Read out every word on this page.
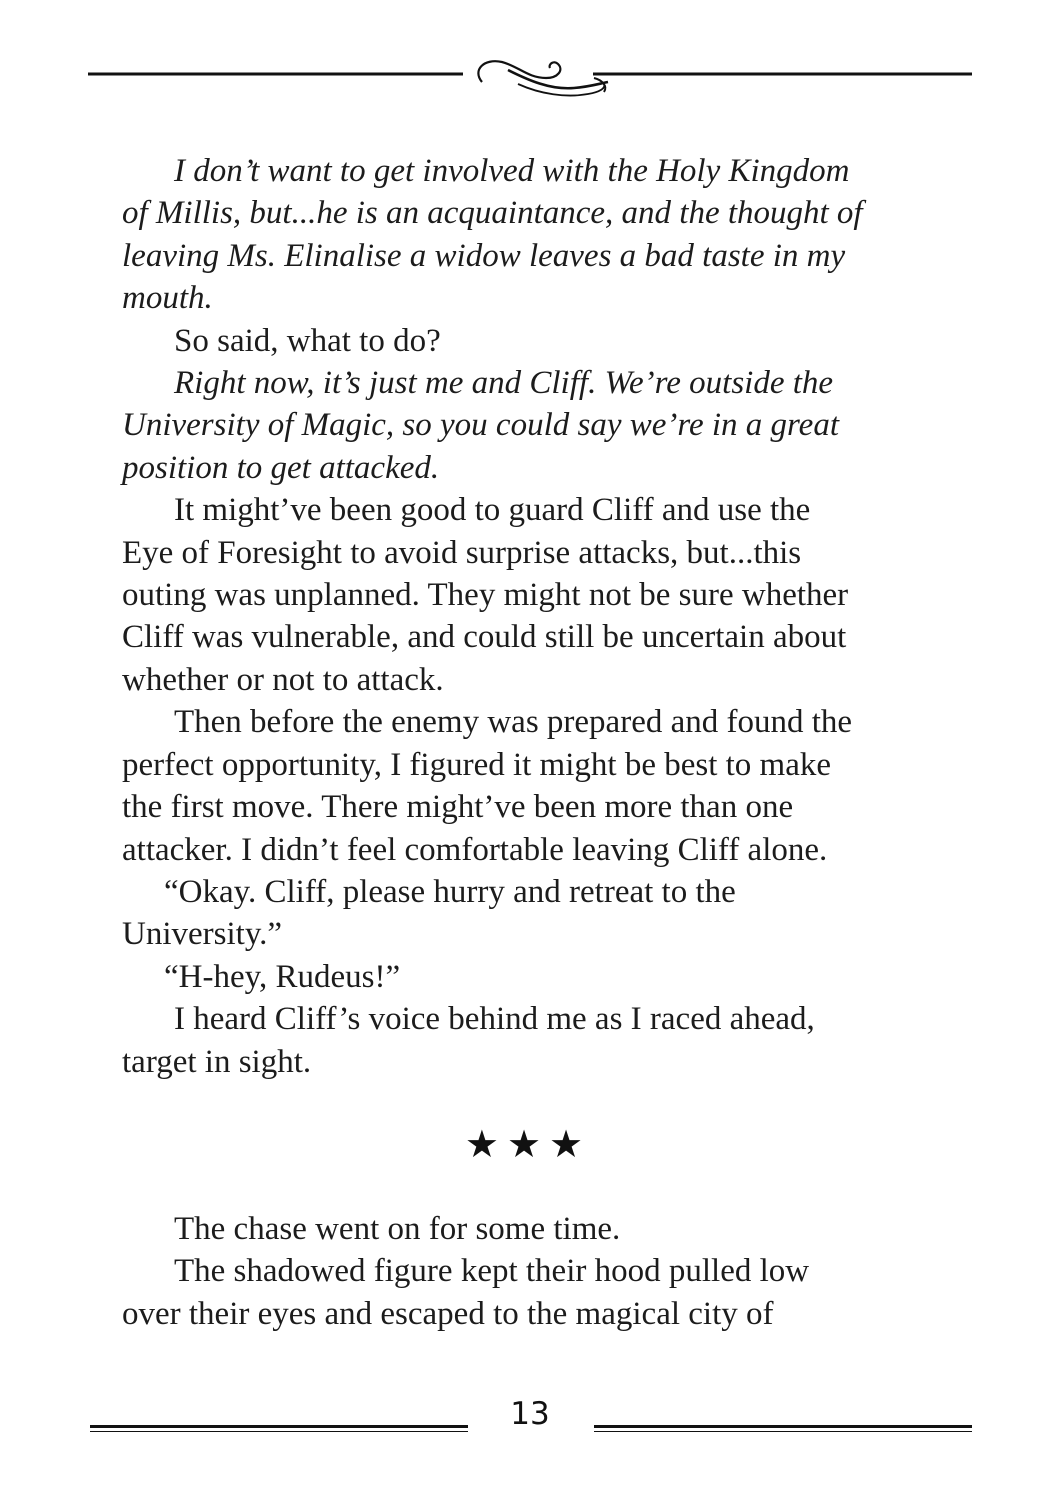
I don’t want to get involved with the Holy Kingdom

of Millis, but...he is an acquaintance, and the thought of

leaving Ms. Elinalise a widow leaves a bad taste in my

mouth.

So said, what to do?

Right now, it’s just me and Cliff. We’re outside the

University of Magic, so you could say we’re in a great

position to get attacked.

It might’ve been good to guard Cliff and use the

Eye of Foresight to avoid surprise attacks, but...this

outing was unplanned. They might not be sure whether

Cliff was vulnerable, and could still be uncertain about

whether or not to attack.

Then before the enemy was prepared and found the

perfect opportunity, I figured it might be best to make

the first move. There might’ve been more than one

attacker. I didn’t feel comfortable leaving Cliff alone.

“Okay. Cliff, please hurry and retreat to the

University.”

“H-hey, Rudeus!”

I heard Cliff’s voice behind me as I raced ahead,

target in sight.

★★★

The chase went on for some time.

The shadowed figure kept their hood pulled low

over their eyes and escaped to the magical city of

13
